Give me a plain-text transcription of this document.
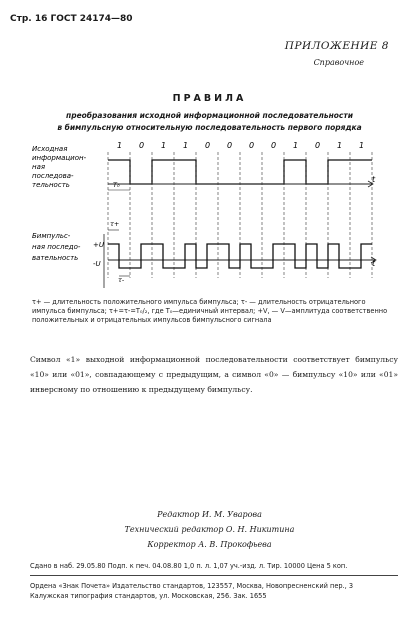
Стр. 16 ГОСТ 24174—80
ПРИЛОЖЕНИЕ 8
Справочное
ПРАВИЛА
преобразования исходной информационной последовательности
в бимпульсную относительную последовательность первого порядка
Исходная
информацион-
ная
последова-
тельность
1 0 1 1 0 0 0 0 1 0 1 1
t
T₀
Бимпульс-
ная последо-
вательность
t
+U
-U
τ+
τ-
τ+ — длительность положительного импульса бимпульса; τ- — длительность отрицательного импульса бимпульса; τ+=τ-=T₀/₂, где T₀—единичный интервал; +V, — V—амплитуда соответственно положительных и отрицательных импульсов бимпульсного сигнала
Символ «1» выходной информационной последовательности соответствует бимпульсу «10» или «01», совпадающему с предыдущим, а символ «0» — бимпульсу «10» или «01» инверсному по отношению к предыдущему бимпульсу.
Редактор И. М. Уварова
Технический редактор О. Н. Никитина
Корректор А. В. Прокофьева
Сдано в наб. 29.05.80 Подп. к печ. 04.08.80 1,0 п. л. 1,07 уч.-изд. л. Тир. 10000 Цена 5 коп.
Ордена «Знак Почета» Издательство стандартов, 123557, Москва, Новопресненский пер., 3
Калужская типография стандартов, ул. Московская, 256. Зак. 1655
